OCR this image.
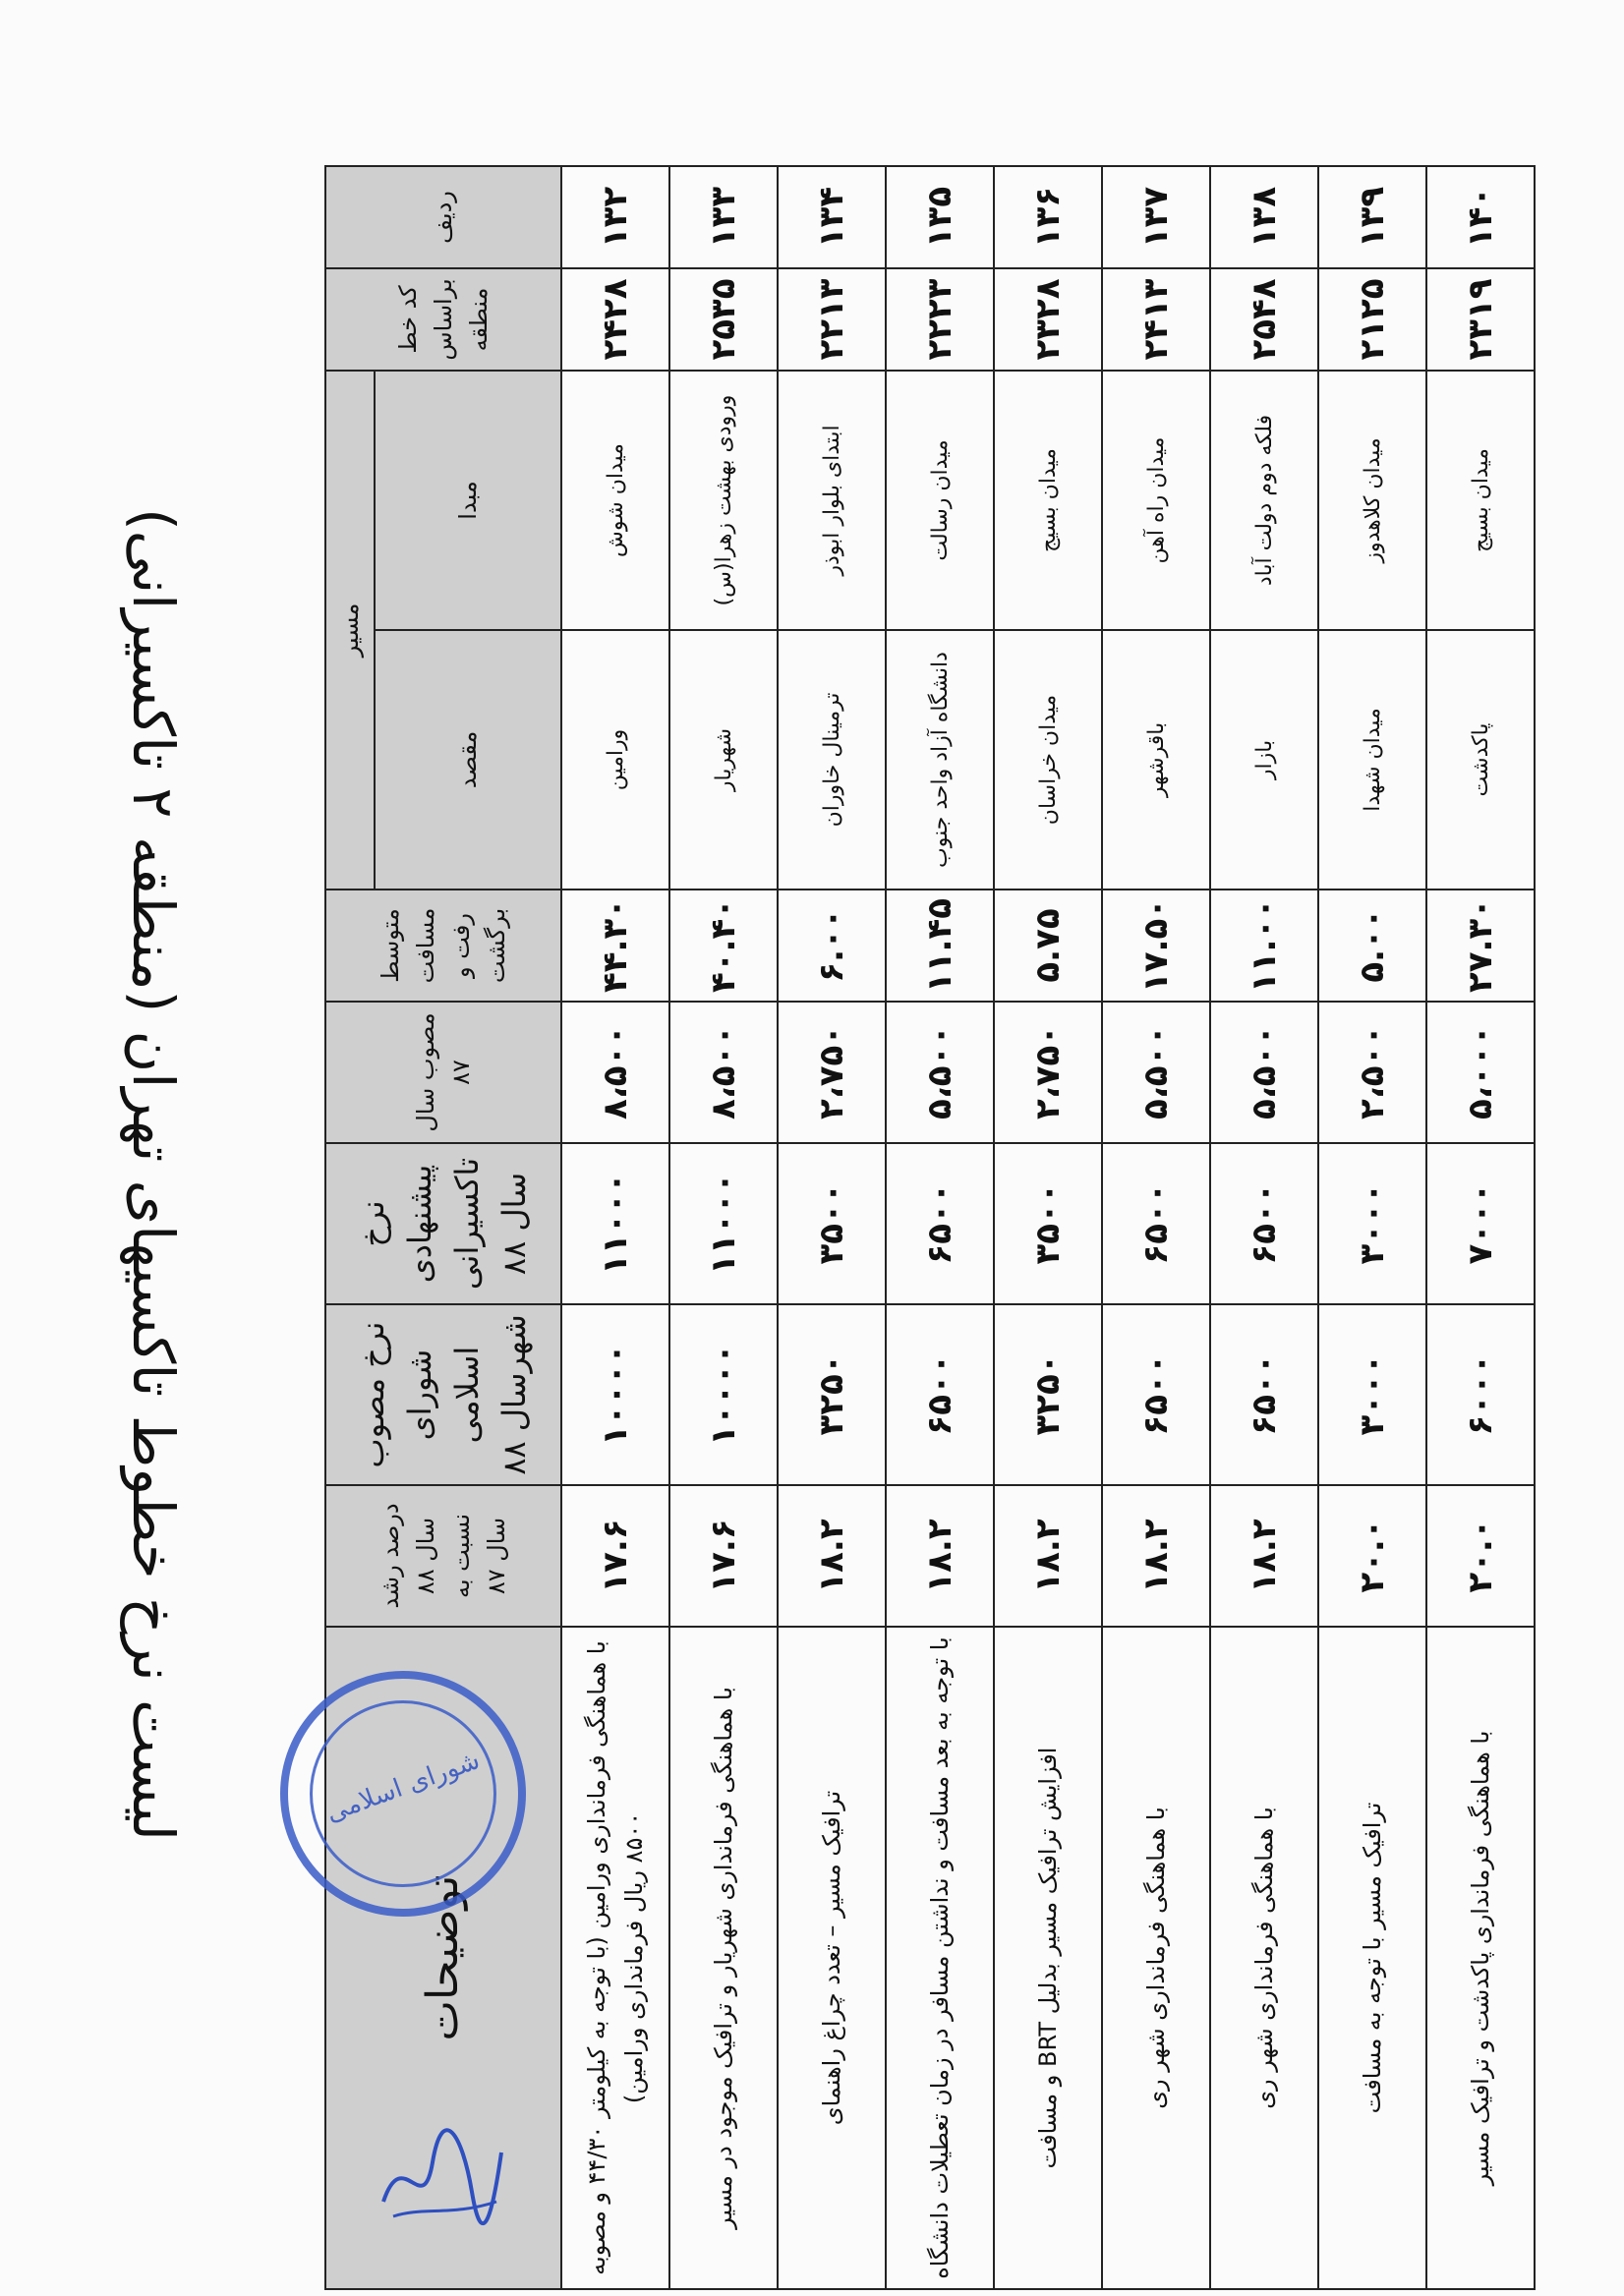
ردیف	کد خط براساس منطقه	مسیر		متوسط مسافت رفت و برگشت	مصوب سال ۸۷	نرخ پیشنهادی تاکسیرانی سال ۸۸	نرخ مصوب شورای اسلامی شهرسال ۸۸	درصد رشد سال ۸۸ نسبت به سال ۸۷	توضیحات
		مبدا	مقصد						
۱۳۲	۲۴۲۸	میدان شوش	ورامین	۴۴.۳۰	۸،۵۰۰	۱۱۰۰۰	۱۰۰۰۰	۱۷.۶	با هماهنگی فرمانداری ورامین (با توجه به کیلومتر ۴۴/۳۰ و مصوبه ۸۵۰۰ ریال فرمانداری ورامین)
۱۳۳	۲۵۳۵	ورودی بهشت زهرا(س)	شهریار	۴۰.۴۰	۸،۵۰۰	۱۱۰۰۰	۱۰۰۰۰	۱۷.۶	با هماهنگی فرمانداری شهریار و ترافیک موجود در مسیر
۱۳۴	۲۲۱۳	ابتدای بلوار ابوذر	ترمینال خاوران	۶.۰۰	۲،۷۵۰	۳۵۰۰	۳۲۵۰	۱۸.۲	ترافیک مسیر – تعدد چراغ راهنمای
۱۳۵	۲۲۲۳	میدان رسالت	دانشگاه آزاد واحد جنوب	۱۱.۴۵	۵،۵۰۰	۶۵۰۰	۶۵۰۰	۱۸.۲	با توجه به بعد مسافت و نداشتن مسافر در زمان تعطیلات دانشگاه
۱۳۶	۲۳۲۸	میدان بسیج	میدان خراسان	۵.۷۵	۲،۷۵۰	۳۵۰۰	۳۲۵۰	۱۸.۲	افزایش ترافیک مسیر بدلیل BRT و مسافت
۱۳۷	۲۴۱۳	میدان راه آهن	باقرشهر	۱۷.۵۰	۵،۵۰۰	۶۵۰۰	۶۵۰۰	۱۸.۲	با هماهنگی فرمانداری شهر ری
۱۳۸	۲۵۴۸	فلکه دوم دولت آباد	بازار	۱۱.۰۰	۵،۵۰۰	۶۵۰۰	۶۵۰۰	۱۸.۲	با هماهنگی فرمانداری شهر ری
۱۳۹	۲۱۲۵	میدان کلاهدوز	میدان شهدا	۵.۰۰	۲،۵۰۰	۳۰۰۰	۳۰۰۰	۲۰.۰	ترافیک مسیر با توجه به مسافت
۱۴۰	۲۳۱۹	میدان بسیج	پاکدشت	۲۷.۳۰	۵،۰۰۰	۷۰۰۰	۶۰۰۰	۲۰.۰	با هماهنگی فرمانداری پاکدشت و ترافیک مسیر
لیست نرخ خطوط تاکسیهای تهران (منطقه ۲ تاکسیرانی)	شورای اسلامی
